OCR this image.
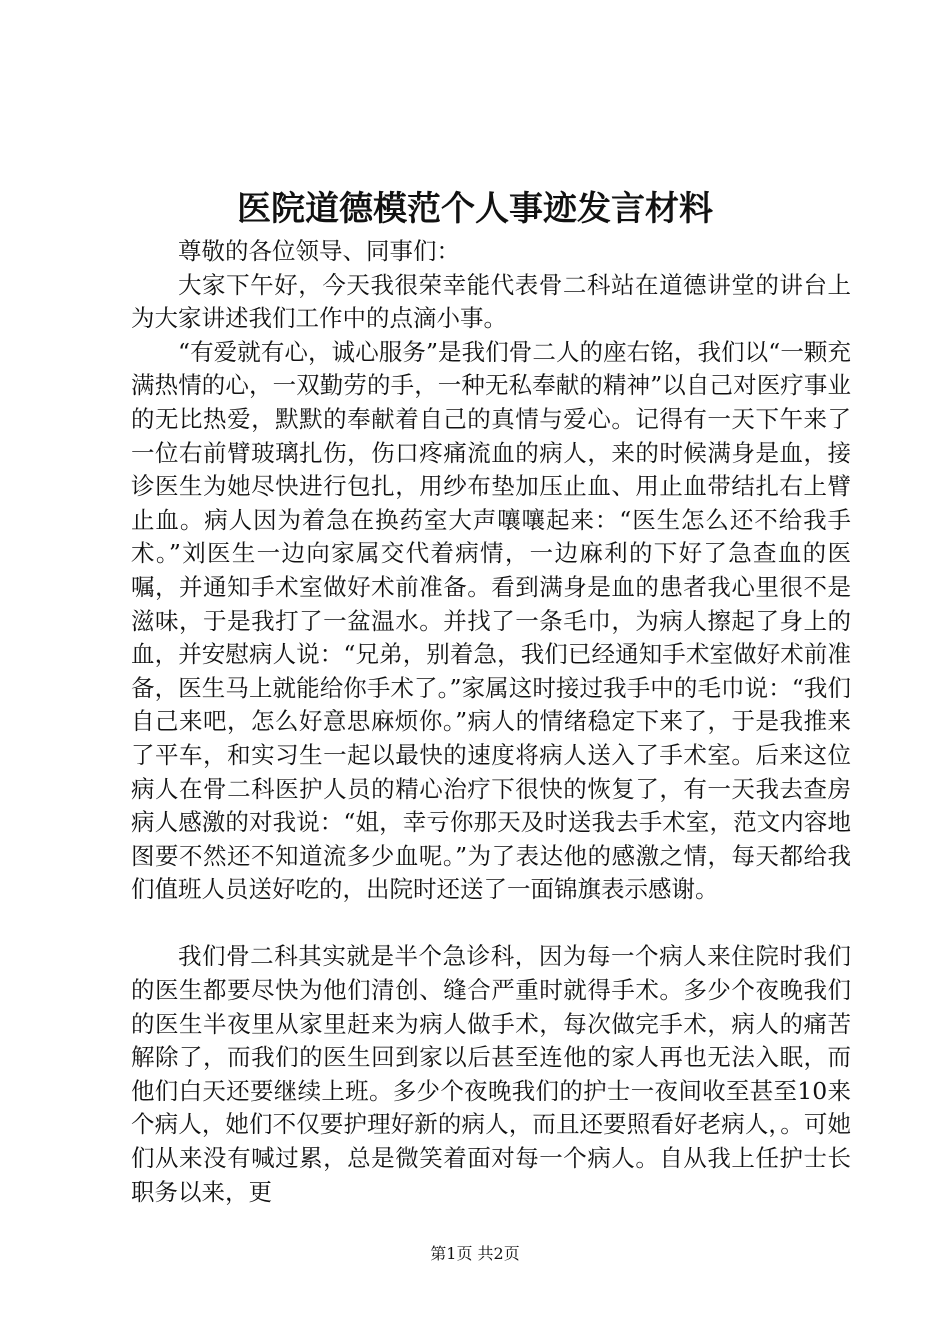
医院道德模范个人事迹发言材料

尊敬的各位领导、同事们：

大家下午好，今天我很荣幸能代表骨二科站在道德讲堂的讲台上为大家讲述我们工作中的点滴小事。

“有爱就有心，诚心服务”是我们骨二人的座右铭，我们以“一颗充满热情的心，一双勤劳的手，一种无私奉献的精神”以自己对医疗事业的无比热爱，默默的奉献着自己的真情与爱心。记得有一天下午来了一位右前臂玻璃扎伤，伤口疼痛流血的病人，来的时候满身是血，接诊医生为她尽快进行包扎，用纱布垫加压止血、用止血带结扎右上臂止血。病人因为着急在换药室大声嚷嚷起来：“医生怎么还不给我手术。”刘医生一边向家属交代着病情，一边麻利的下好了急查血的医嘱，并通知手术室做好术前准备。看到满身是血的患者我心里很不是滋味，于是我打了一盆温水。并找了一条毛巾，为病人擦起了身上的血，并安慰病人说：“兄弟，别着急，我们已经通知手术室做好术前准备，医生马上就能给你手术了。”家属这时接过我手中的毛巾说：“我们自己来吧，怎么好意思麻烦你。”病人的情绪稳定下来了，于是我推来了平车，和实习生一起以最快的速度将病人送入了手术室。后来这位病人在骨二科医护人员的精心治疗下很快的恢复了，有一天我去查房病人感激的对我说：“姐，幸亏你那天及时送我去手术室，范文内容地图要不然还不知道流多少血呢。”为了表达他的感激之情，每天都给我们值班人员送好吃的，出院时还送了一面锦旗表示感谢。

我们骨二科其实就是半个急诊科，因为每一个病人来住院时我们的医生都要尽快为他们清创、缝合严重时就得手术。多少个夜晚我们的医生半夜里从家里赶来为病人做手术，每次做完手术，病人的痛苦解除了，而我们的医生回到家以后甚至连他的家人再也无法入眠，而他们白天还要继续上班。多少个夜晚我们的护士一夜间收至甚至10来个病人，她们不仅要护理好新的病人，而且还要照看好老病人，。可她们从来没有喊过累，总是微笑着面对每一个病人。自从我上任护士长职务以来，更

第1页 共2页
